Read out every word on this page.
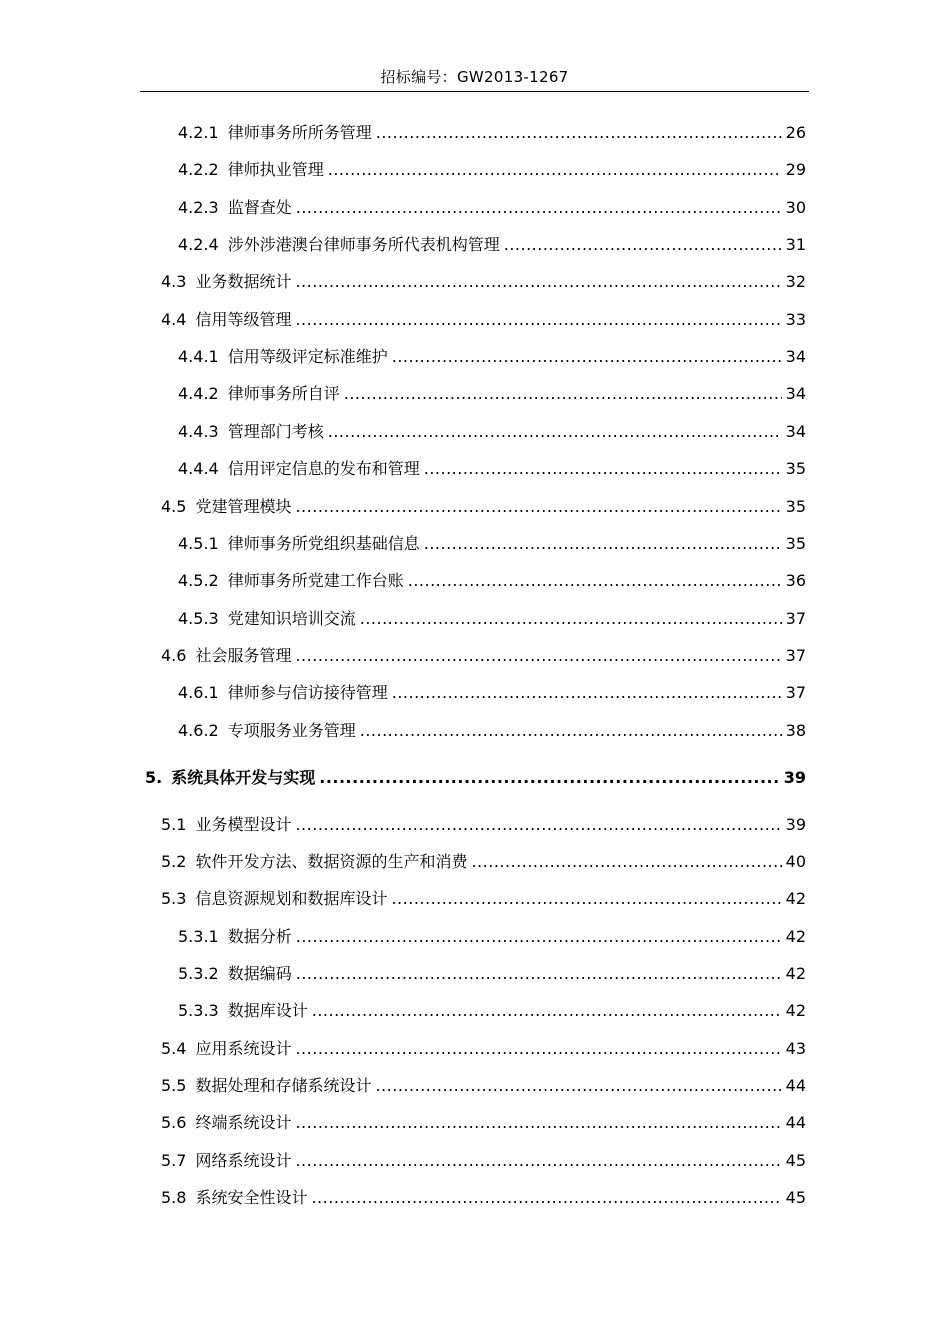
招标编号：GW2013-1267
4.2.1 律师事务所所务管理 .....	26
4.2.2 律师执业管理 .....	29
4.2.3 监督查处 .....	30
4.2.4 涉外涉港澳台律师事务所代表机构管理 .....	31
4.3 业务数据统计 .....	32
4.4 信用等级管理 .....	33
4.4.1 信用等级评定标准维护 .....	34
4.4.2 律师事务所自评 .....	34
4.4.3 管理部门考核 .....	34
4.4.4 信用评定信息的发布和管理 .....	35
4.5 党建管理模块 .....	35
4.5.1 律师事务所党组织基础信息 .....	35
4.5.2 律师事务所党建工作台账 .....	36
4.5.3 党建知识培训交流 .....	37
4.6 社会服务管理 .....	37
4.6.1 律师参与信访接待管理 .....	37
4.6.2 专项服务业务管理 .....	38
5. 系统具体开发与实现 .....	39
5.1 业务模型设计 .....	39
5.2 软件开发方法、数据资源的生产和消费 .....	40
5.3 信息资源规划和数据库设计 .....	42
5.3.1 数据分析 .....	42
5.3.2 数据编码 .....	42
5.3.3 数据库设计 .....	42
5.4 应用系统设计 .....	43
5.5 数据处理和存储系统设计 .....	44
5.6 终端系统设计 .....	44
5.7 网络系统设计 .....	45
5.8 系统安全性设计 .....	45
